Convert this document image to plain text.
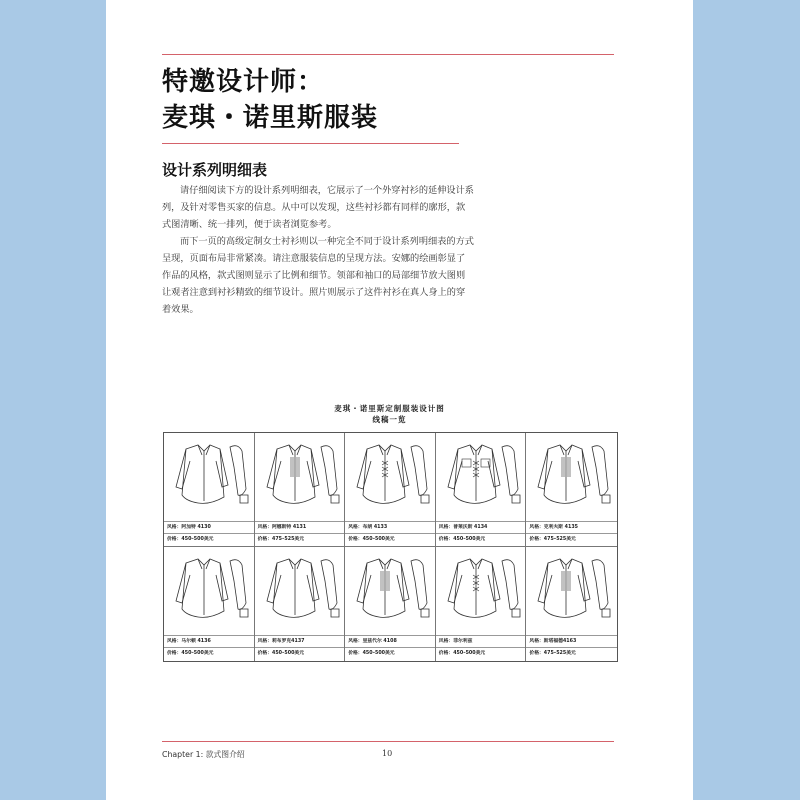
特邀设计师：
麦琪・诺里斯服装
设计系列明细表

请仔细阅读下方的设计系列明细表，它展示了一个外穿衬衫的延伸设计系列，及针对零售买家的信息。从中可以发现，这些衬衫都有同样的廓形，款式图清晰、统一排列，便于读者浏览参考。

而下一页的高级定制女士衬衫则以一种完全不同于设计系列明细表的方式呈现，页面布局非常紧凑。请注意服装信息的呈现方法。安娜的绘画彰显了作品的风格，款式图则显示了比例和细节。领部和袖口的局部细节放大图则让观者注意到衬衫精致的细节设计。照片则展示了这件衬衫在真人身上的穿着效果。

麦琪・诺里斯定制服装设计图
线稿一览
风格：阿加特 4130
价格：450–500美元
风格：阿娜斯特 4131
价格：475–525美元
风格：布朗 4133
价格：450–500美元
风格：普莱沃斯 4134
价格：450–500美元
风格：克利夫斯 4135
价格：475–525美元
风格：马尔顿 4136
价格：450–500美元
风格：莉布罗克4137
价格：450–500美元
风格：里兹代尔 4108
价格：450–500美元
风格：菲尔利兹
价格：450–500美元
风格：斯塔福德4163
价格：475–525美元

Chapter 1: 款式图介绍	10
